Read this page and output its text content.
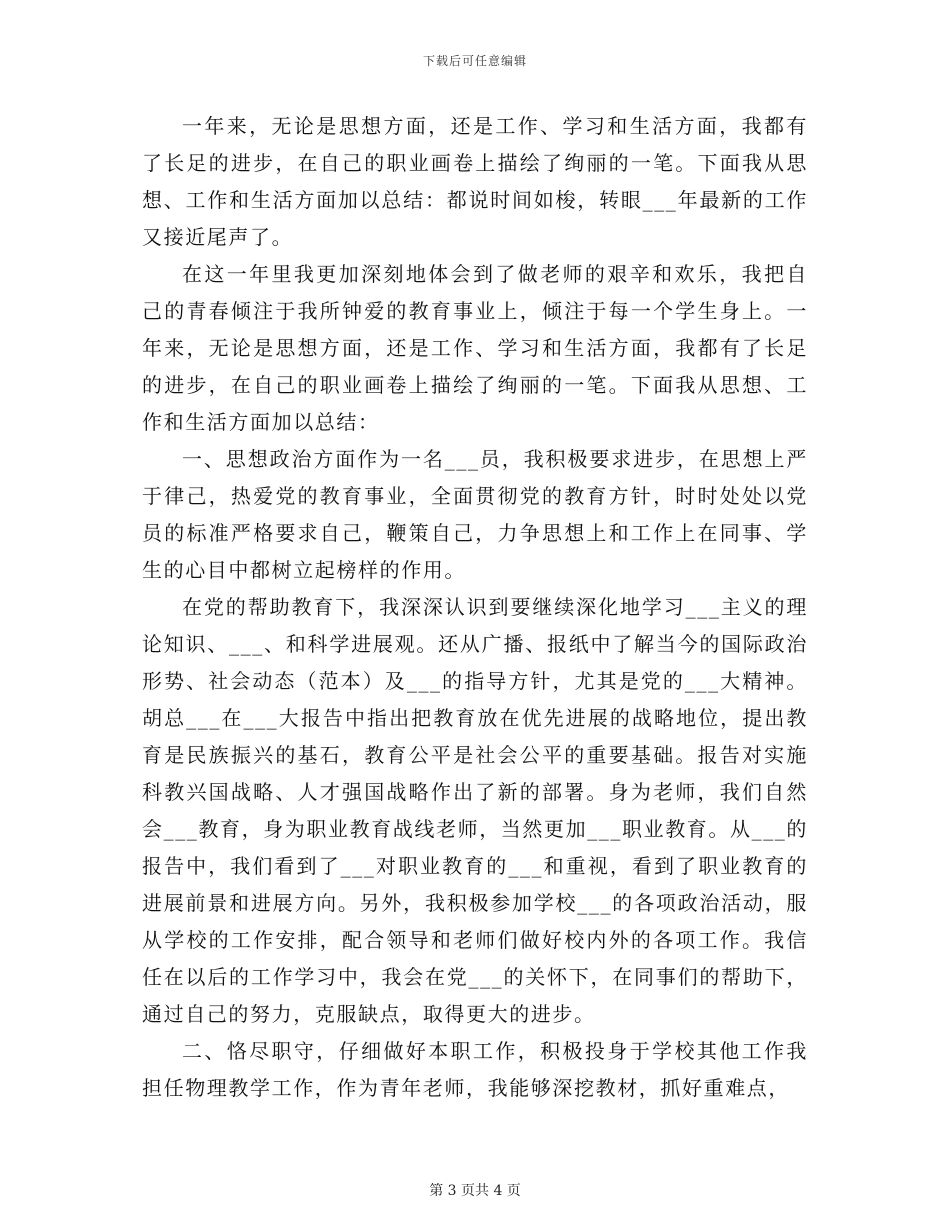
下载后可任意编辑

一年来，无论是思想方面，还是工作、学习和生活方面，我都有了长足的进步，在自己的职业画卷上描绘了绚丽的一笔。下面我从思想、工作和生活方面加以总结：都说时间如梭，转眼___年最新的工作又接近尾声了。

在这一年里我更加深刻地体会到了做老师的艰辛和欢乐，我把自己的青春倾注于我所钟爱的教育事业上，倾注于每一个学生身上。一年来，无论是思想方面，还是工作、学习和生活方面，我都有了长足的进步，在自己的职业画卷上描绘了绚丽的一笔。下面我从思想、工作和生活方面加以总结：

一、思想政治方面作为一名___员，我积极要求进步，在思想上严于律己，热爱党的教育事业，全面贯彻党的教育方针，时时处处以党员的标准严格要求自己，鞭策自己，力争思想上和工作上在同事、学生的心目中都树立起榜样的作用。

在党的帮助教育下，我深深认识到要继续深化地学习___主义的理论知识、___、和科学进展观。还从广播、报纸中了解当今的国际政治形势、社会动态（范本）及___的指导方针，尤其是党的___大精神。胡总___在___大报告中指出把教育放在优先进展的战略地位，提出教育是民族振兴的基石，教育公平是社会公平的重要基础。报告对实施科教兴国战略、人才强国战略作出了新的部署。身为老师，我们自然会___教育，身为职业教育战线老师，当然更加___职业教育。从___的报告中，我们看到了___对职业教育的___和重视，看到了职业教育的进展前景和进展方向。另外，我积极参加学校___的各项政治活动，服从学校的工作安排，配合领导和老师们做好校内外的各项工作。我信任在以后的工作学习中，我会在党___的关怀下，在同事们的帮助下，通过自己的努力，克服缺点，取得更大的进步。

二、恪尽职守，仔细做好本职工作，积极投身于学校其他工作我担任物理教学工作，作为青年老师，我能够深挖教材，抓好重难点，

第 3 页共 4 页
